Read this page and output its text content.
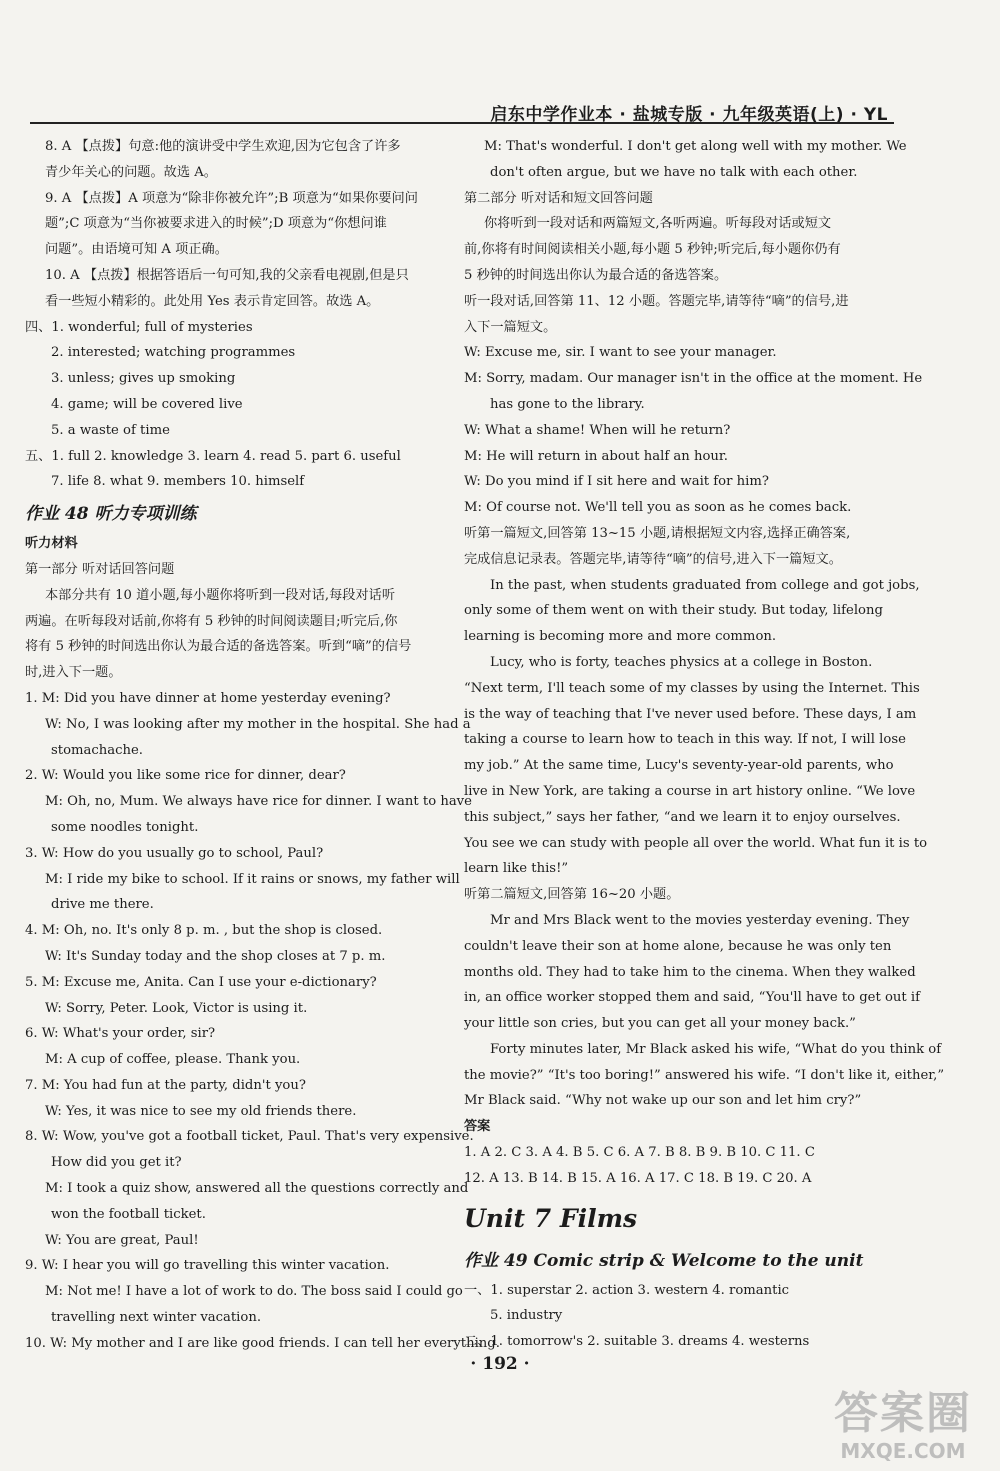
启东中学作业本 · 盐城专版 · 九年级英语(上) · YL
8. A 【点拨】句意:他的演讲受中学生欢迎,因为它包含了许多
青少年关心的问题。故选 A。
9. A 【点拨】A 项意为“除非你被允许”;B 项意为“如果你要问问
题”;C 项意为“当你被要求进入的时候”;D 项意为“你想问谁
问题”。由语境可知 A 项正确。
10. A 【点拨】根据答语后一句可知,我的父亲看电视剧,但是只
看一些短小精彩的。此处用 Yes 表示肯定回答。故选 A。
四、1. wonderful; full of mysteries
2. interested; watching programmes
3. unless; gives up smoking
4. game; will be covered live
5. a waste of time
五、1. full 2. knowledge 3. learn 4. read 5. part 6. useful
7. life 8. what 9. members 10. himself
作业 48 听力专项训练
听力材料
第一部分 听对话回答问题
本部分共有 10 道小题,每小题你将听到一段对话,每段对话听
两遍。在听每段对话前,你将有 5 秒钟的时间阅读题目;听完后,你
将有 5 秒钟的时间选出你认为最合适的备选答案。听到“嘀”的信号
时,进入下一题。
1. M: Did you have dinner at home yesterday evening?
W: No, I was looking after my mother in the hospital. She had a
stomachache.
2. W: Would you like some rice for dinner, dear?
M: Oh, no, Mum. We always have rice for dinner. I want to have
some noodles tonight.
3. W: How do you usually go to school, Paul?
M: I ride my bike to school. If it rains or snows, my father will
drive me there.
4. M: Oh, no. It's only 8 p. m. , but the shop is closed.
W: It's Sunday today and the shop closes at 7 p. m.
5. M: Excuse me, Anita. Can I use your e-dictionary?
W: Sorry, Peter. Look, Victor is using it.
6. W: What's your order, sir?
M: A cup of coffee, please. Thank you.
7. M: You had fun at the party, didn't you?
W: Yes, it was nice to see my old friends there.
8. W: Wow, you've got a football ticket, Paul. That's very expensive.
How did you get it?
M: I took a quiz show, answered all the questions correctly and
won the football ticket.
W: You are great, Paul!
9. W: I hear you will go travelling this winter vacation.
M: Not me! I have a lot of work to do. The boss said I could go
travelling next winter vacation.
10. W: My mother and I are like good friends. I can tell her everything.
M: That's wonderful. I don't get along well with my mother. We
don't often argue, but we have no talk with each other.
第二部分 听对话和短文回答问题
你将听到一段对话和两篇短文,各听两遍。听每段对话或短文
前,你将有时间阅读相关小题,每小题 5 秒钟;听完后,每小题你仍有
5 秒钟的时间选出你认为最合适的备选答案。
听一段对话,回答第 11、12 小题。答题完毕,请等待“嘀”的信号,进
入下一篇短文。
W: Excuse me, sir. I want to see your manager.
M: Sorry, madam. Our manager isn't in the office at the moment. He
has gone to the library.
W: What a shame! When will he return?
M: He will return in about half an hour.
W: Do you mind if I sit here and wait for him?
M: Of course not. We'll tell you as soon as he comes back.
听第一篇短文,回答第 13~15 小题,请根据短文内容,选择正确答案,
完成信息记录表。答题完毕,请等待“嘀”的信号,进入下一篇短文。
In the past, when students graduated from college and got jobs,
only some of them went on with their study. But today, lifelong
learning is becoming more and more common.
Lucy, who is forty, teaches physics at a college in Boston.
“Next term, I'll teach some of my classes by using the Internet. This
is the way of teaching that I've never used before. These days, I am
taking a course to learn how to teach in this way. If not, I will lose
my job.” At the same time, Lucy's seventy-year-old parents, who
live in New York, are taking a course in art history online. “We love
this subject,” says her father, “and we learn it to enjoy ourselves.
You see we can study with people all over the world. What fun it is to
learn like this!”
听第二篇短文,回答第 16~20 小题。
Mr and Mrs Black went to the movies yesterday evening. They
couldn't leave their son at home alone, because he was only ten
months old. They had to take him to the cinema. When they walked
in, an office worker stopped them and said, “You'll have to get out if
your little son cries, but you can get all your money back.”
Forty minutes later, Mr Black asked his wife, “What do you think of
the movie?” “It's too boring!” answered his wife. “I don't like it, either,”
Mr Black said. “Why not wake up our son and let him cry?”
答案
1. A 2. C 3. A 4. B 5. C 6. A 7. B 8. B 9. B 10. C 11. C
12. A 13. B 14. B 15. A 16. A 17. C 18. B 19. C 20. A
Unit 7 Films
作业 49 Comic strip & Welcome to the unit
一、1. superstar 2. action 3. western 4. romantic
5. industry
二、1. tomorrow's 2. suitable 3. dreams 4. westerns
· 192 ·
答案圈
MXQE.COM
